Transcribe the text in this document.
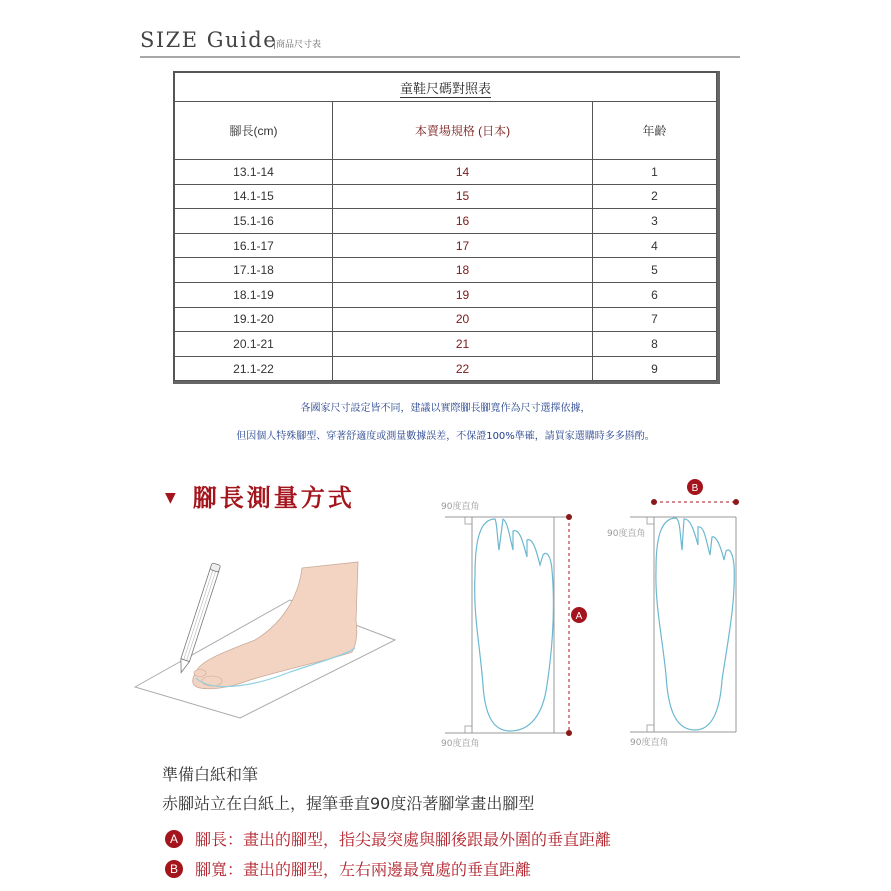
SIZE Guide
|商品尺寸表
童鞋尺碼對照表		
腳長(cm)	本賣場規格 (日本)	年齡
13.1-14	14	1
14.1-15	15	2
15.1-16	16	3
16.1-17	17	4
17.1-18	18	5
18.1-19	19	6
19.1-20	20	7
20.1-21	21	8
21.1-22	22	9
各國家尺寸設定皆不同，建議以實際腳長腳寬作為尺寸選擇依據，
但因個人特殊腳型、穿著舒適度或測量數據誤差，不保證100%準確，請買家選購時多多斟酌。
▼ 腳長測量方式	90度直角
A
90度直角
B
90度直角
90度直角
準備白紙和筆
赤腳站立在白紙上，握筆垂直90度沿著腳掌畫出腳型
A	腳長： 畫出的腳型，指尖最突處與腳後跟最外圍的垂直距離
B	腳寬： 畫出的腳型，左右兩邊最寬處的垂直距離
